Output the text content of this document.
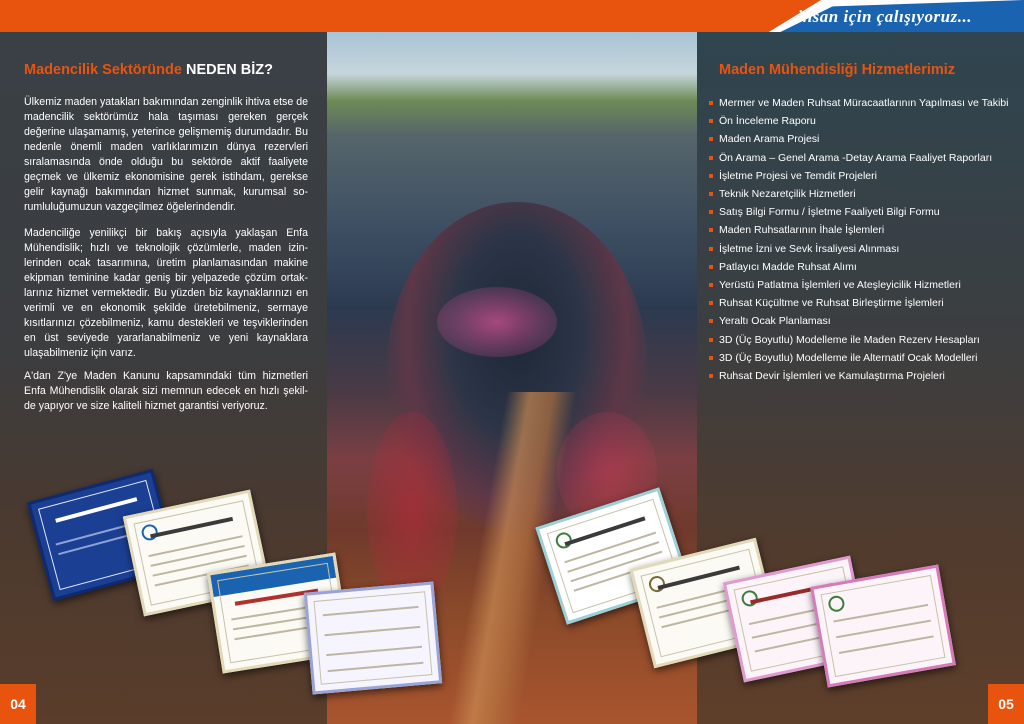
insan için çalışıyoruz...
Madencilik Sektöründe NEDEN BİZ?

Ülkemiz maden yatakları bakımından zenginlik ihtiva etse de madencilik sektörümüz hala taşıması gereken gerçek değerine ulaşamamış, yeterince gelişmemiş durumdadır. Bu nedenle önemli maden varlıklarımızın dünya rezervleri sıralamasında önde olduğu bu sektörde aktif faaliyete geçmek ve ülkemiz ekonomisine gerek istihdam, gerekse gelir kaynağı bakımından hizmet sunmak, kurumsal so-rumluluğumuzun vazgeçilmez öğelerindendir.

Madenciliğe yenilikçi bir bakış açısıyla yaklaşan Enfa Mühendislik; hızlı ve teknolojik çözümlerle, maden izin-lerinden ocak tasarımına, üretim planlamasından makine ekipman teminine kadar geniş bir yelpazede çözüm ortak-larınız hizmet vermektedir. Bu yüzden biz kaynaklarınızı en verimli ve en ekonomik şekilde üretebilmeniz, sermaye kısıtlarınızı çözebilmeniz, kamu destekleri ve teşviklerinden en üst seviyede yararlanabilmeniz ve yeni kaynaklara ulaşabilmeniz için varız.

A'dan Z'ye Maden Kanunu kapsamındaki tüm hizmetleri Enfa Mühendislik olarak sizi memnun edecek en hızlı şekil-de yapıyor ve size kaliteli hizmet garantisi veriyoruz.

Maden Mühendisliği Hizmetlerimiz
Mermer ve Maden Ruhsat Müracaatlarının Yapılması ve Takibi
Ön İnceleme Raporu
Maden Arama Projesi
Ön Arama – Genel Arama -Detay Arama Faaliyet Raporları
İşletme Projesi ve Temdit Projeleri
Teknik Nezaretçilik Hizmetleri
Satış Bilgi Formu / İşletme Faaliyeti Bilgi Formu
Maden Ruhsatlarının İhale İşlemleri
İşletme İzni ve Sevk İrsaliyesi Alınması
Patlayıcı Madde Ruhsat Alımı
Yerüstü Patlatma İşlemleri ve Ateşleyicilik Hizmetleri
Ruhsat Küçültme ve Ruhsat Birleştirme İşlemleri
Yeraltı Ocak Planlaması
3D (Üç Boyutlu) Modelleme ile Maden Rezerv Hesapları
3D (Üç Boyutlu) Modelleme ile Alternatif Ocak Modelleri
Ruhsat Devir İşlemleri ve Kamulaştırma Projeleri
04	05
